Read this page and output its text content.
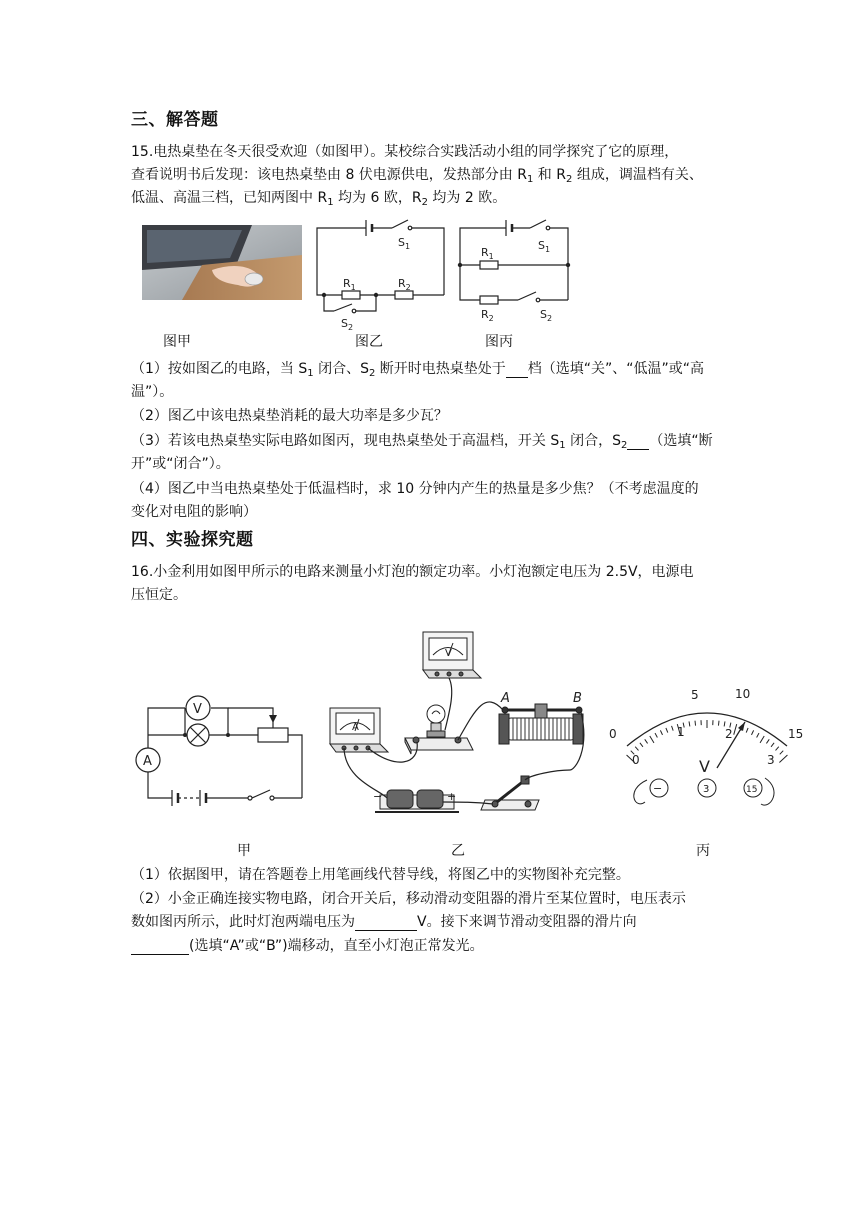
三、解答题
15.电热桌垫在冬天很受欢迎（如图甲）。某校综合实践活动小组的同学探究了它的原理，
查看说明书后发现：该电热桌垫由 8 伏电源供电，发热部分由 $R_1$ 和 $R_2$ 组成，调温档有关、
低温、高温三档，已知两图中 $R_1$ 均为 6 欧，$R_2$ 均为 2 欧。
图甲
$S_1$
$R_1$	$R_2$
$S_2$
图乙
$S_1$
$R_1$
$R_2$	$S_2$
图丙
（1）按如图乙的电路，当 $S_1$ 闭合、$S_2$ 断开时电热桌垫处于 档（选填“关”、“低温”或“高
温”）。
（2）图乙中该电热桌垫消耗的最大功率是多少瓦？
（3）若该电热桌垫实际电路如图丙，现电热桌垫处于高温档，开关 $S_1$ 闭合，$S_2$ （选填“断
开”或“闭合”）。
（4）图乙中当电热桌垫处于低温档时，求 10 分钟内产生的热量是多少焦？（不考虑温度的
变化对电阻的影响）
四、实验探究题
16.小金利用如图甲所示的电路来测量小灯泡的额定功率。小灯泡额定电压为 2.5V，电源电
压恒定。
V
A
V
A
A	B
−	+
5	10
15
0
0
1	2
3
V
−	3	15
甲	乙	丙
（1）依据图甲，请在答题卷上用笔画线代替导线，将图乙中的实物图补充完整。
（2）小金正确连接实物电路，闭合开关后，移动滑动变阻器的滑片至某位置时，电压表示
数如图丙所示，此时灯泡两端电压为	V。接下来调节滑动变阻器的滑片向
(选填“A”或“B”)端移动，直至小灯泡正常发光。
